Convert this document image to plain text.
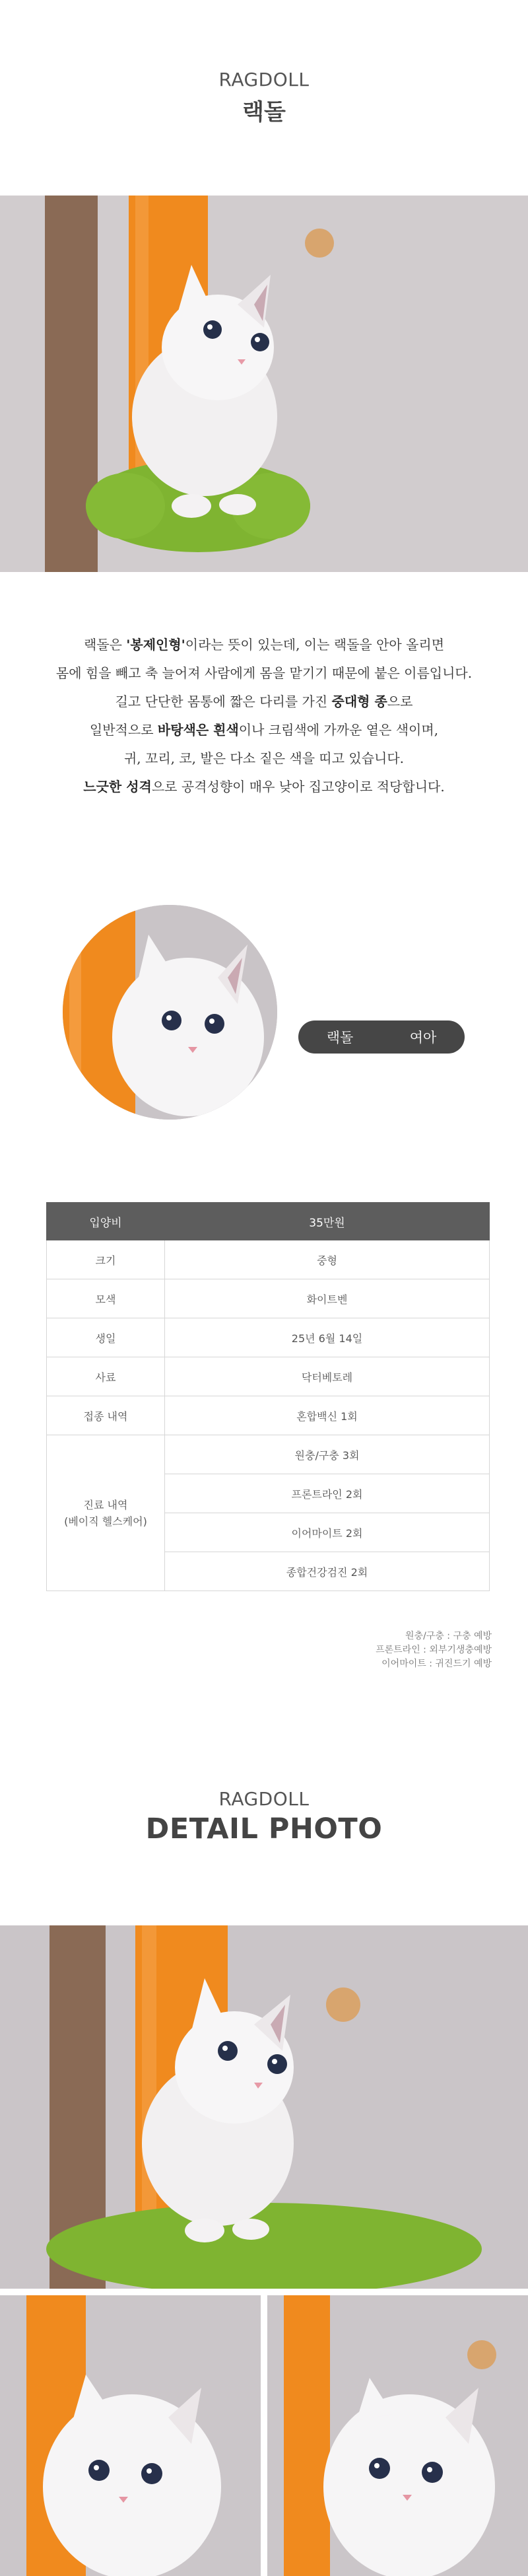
RAGDOLL
랙돌

랙돌은 '봉제인형'이라는 뜻이 있는데, 이는 랙돌을 안아 올리면

몸에 힘을 빼고 축 늘어져 사람에게 몸을 맡기기 때문에 붙은 이름입니다.

길고 단단한 몸통에 짧은 다리를 가진 중대형 종으로

일반적으로 바탕색은 흰색이나 크림색에 가까운 옅은 색이며,

귀, 꼬리, 코, 발은 다소 짙은 색을 띠고 있습니다.

느긋한 성격으로 공격성향이 매우 낮아 집고양이로 적당합니다.

랙돌	여아
입양비	35만원
크기	중형
모색	화이트벤
생일	25년 6월 14일
사료	닥터베토레
접종 내역	혼합백신 1회
진료 내역
(베이직 헬스케어)	원충/구충 3회
	프론트라인 2회
	이어마이트 2회
	종합건강검진 2회
원충/구충 : 구충 예방
프론트라인 : 외부기생충예방
이어마이트 : 귀진드기 예방
RAGDOLL
DETAIL PHOTO
